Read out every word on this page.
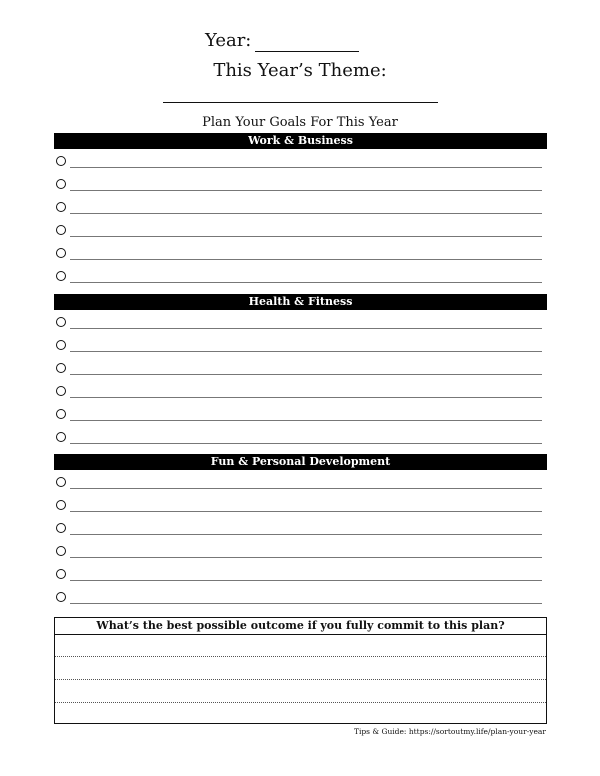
Year:
This Year’s Theme:
Plan Your Goals For This Year
Work & Business
Health & Fitness
Fun & Personal Development
What’s the best possible outcome if you fully commit to this plan?
Tips & Guide: https://sortoutmy.life/plan-your-year
